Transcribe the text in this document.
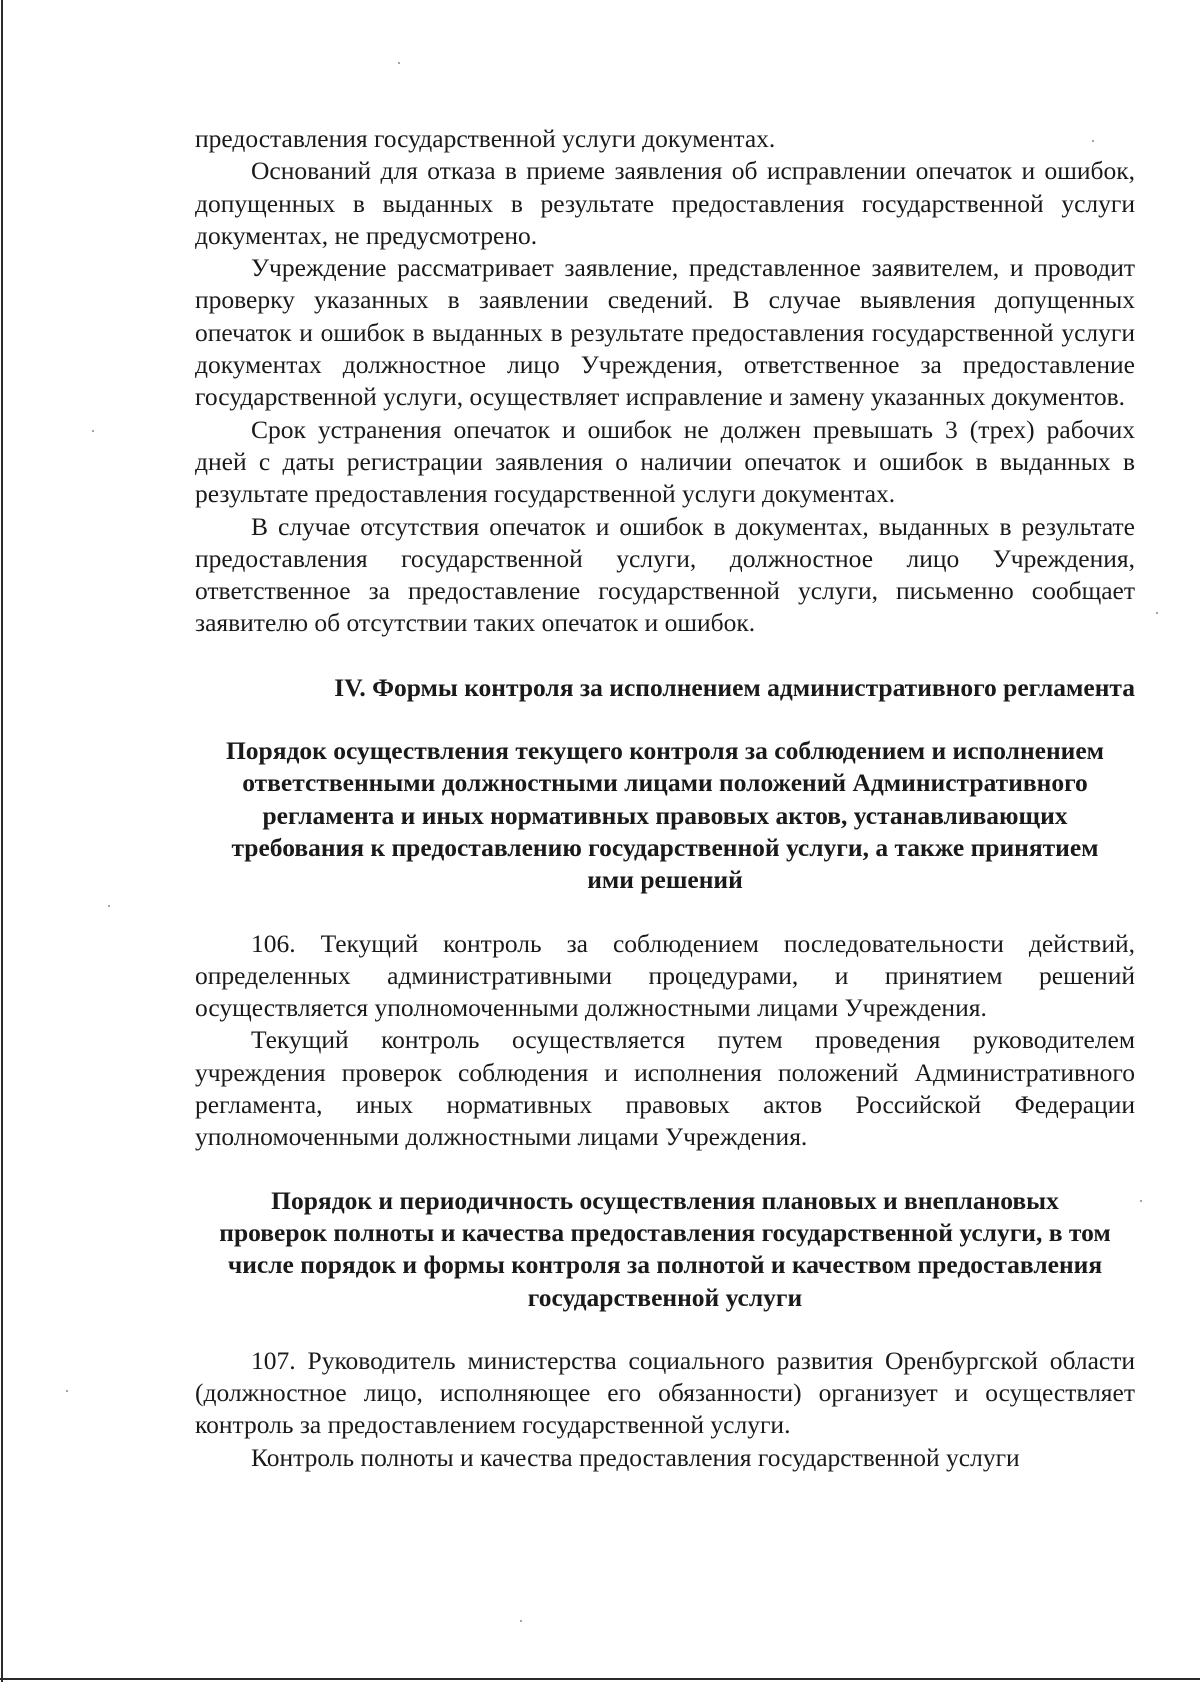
предоставления государственной услуги документах.

Оснований для отказа в приеме заявления об исправлении опечаток и ошибок, допущенных в выданных в результате предоставления государственной услуги документах, не предусмотрено.

Учреждение рассматривает заявление, представленное заявителем, и проводит проверку указанных в заявлении сведений. В случае выявления допущенных опечаток и ошибок в выданных в результате предоставления государственной услуги документах должностное лицо Учреждения, ответственное за предоставление государственной услуги, осуществляет исправление и замену указанных документов.

Срок устранения опечаток и ошибок не должен превышать 3 (трех) рабочих дней с даты регистрации заявления о наличии опечаток и ошибок в выданных в результате предоставления государственной услуги документах.

В случае отсутствия опечаток и ошибок в документах, выданных в результате предоставления государственной услуги, должностное лицо Учреждения, ответственное за предоставление государственной услуги, письменно сообщает заявителю об отсутствии таких опечаток и ошибок.

IV. Формы контроля за исполнением административного регламента

Порядок осуществления текущего контроля за соблюдением и исполнением ответственными должностными лицами положений Административного регламента и иных нормативных правовых актов, устанавливающих требования к предоставлению государственной услуги, а также принятием ими решений

106. Текущий контроль за соблюдением последовательности действий, определенных административными процедурами, и принятием решений осуществляется уполномоченными должностными лицами Учреждения.

Текущий контроль осуществляется путем проведения руководителем учреждения проверок соблюдения и исполнения положений Административного регламента, иных нормативных правовых актов Российской Федерации уполномоченными должностными лицами Учреждения.

Порядок и периодичность осуществления плановых и внеплановых проверок полноты и качества предоставления государственной услуги, в том числе порядок и формы контроля за полнотой и качеством предоставления государственной услуги

107. Руководитель министерства социального развития Оренбургской области (должностное лицо, исполняющее его обязанности) организует и осуществляет контроль за предоставлением государственной услуги.

Контроль полноты и качества предоставления государственной услуги
